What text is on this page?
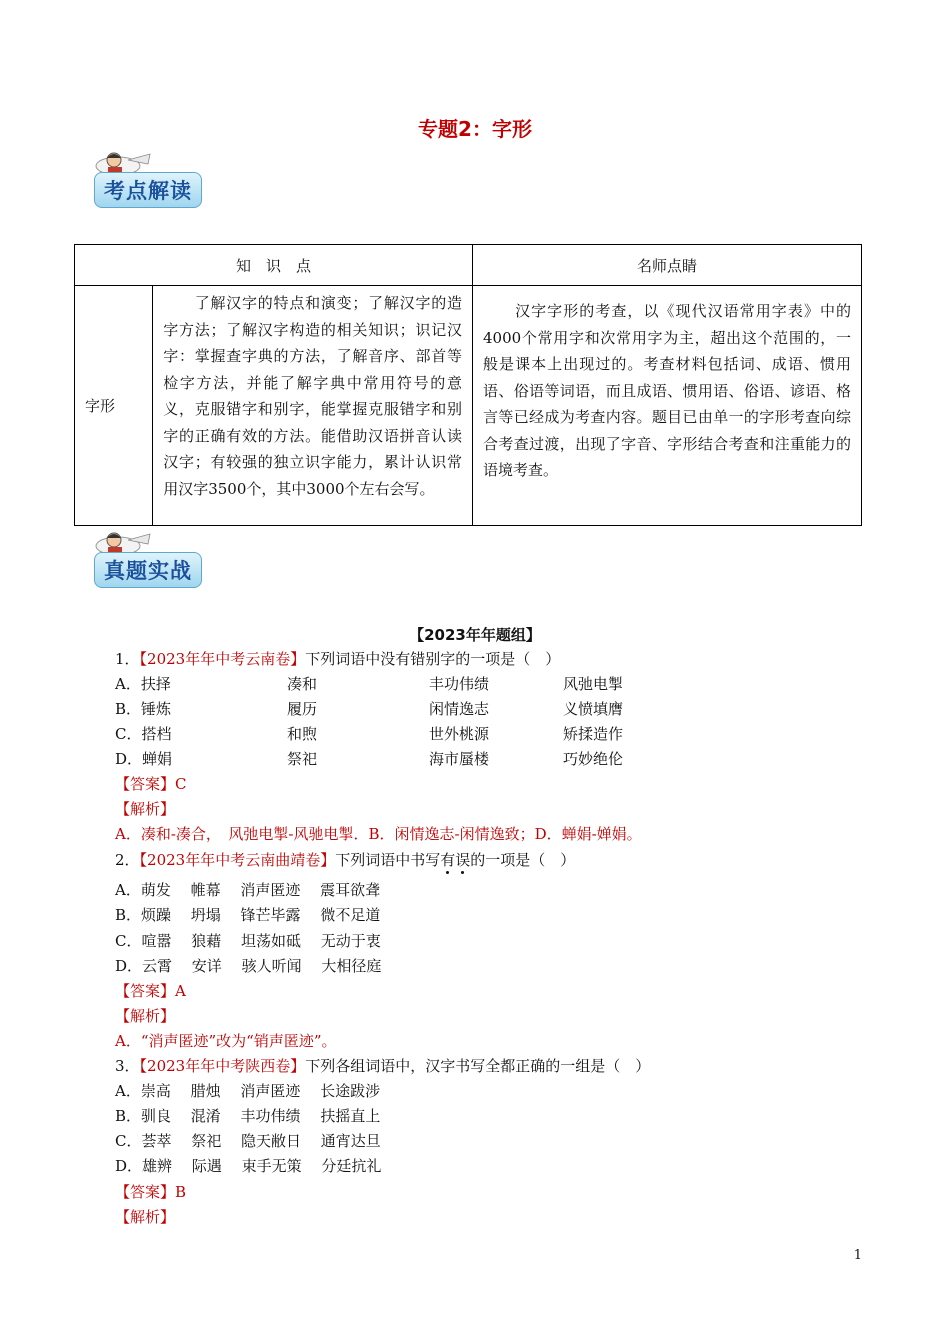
专题2：字形
考点解读
知　识　点		名师点睛
字形	　　了解汉字的特点和演变；了解汉字的造字方法；了解汉字构造的相关知识；识记汉字：掌握查字典的方法，了解音序、部首等检字方法，并能了解字典中常用符号的意义，克服错字和别字，能掌握克服错字和别字的正确有效的方法。能借助汉语拼音认读汉字；有较强的独立识字能力，累计认识常用汉字3500个，其中3000个左右会写。	　　汉字字形的考查，以《现代汉语常用字表》中的4000个常用字和次常用字为主，超出这个范围的，一般是课本上出现过的。考查材料包括词、成语、惯用语、俗语等词语，而且成语、惯用语、俗语、谚语、格言等已经成为考查内容。题目已由单一的字形考查向综合考查过渡，出现了字音、字形结合考查和注重能力的语境考查。
真题实战
【2023年年题组】
1．【2023年年中考云南卷】下列词语中没有错别字的一项是（　）
A．扶择	凑和	丰功伟绩	风弛电掣
B．锤炼	履历	闲情逸志	义愤填膺
C．搭档	和煦	世外桃源	矫揉造作
D．蝉娟	祭祀	海市蜃楼	巧妙绝伦
【答案】C
【解析】
A．凑和-凑合，　风弛电掣-风驰电掣．B．闲情逸志-闲情逸致；D．蝉娟-婵娟。
2．【2023年年中考云南曲靖卷】下列词语中书写有误的一项是（　）
A．萌发　 帷幕　 消声匿迹　 震耳欲聋
B．烦躁　 坍塌　 锋芒毕露　 微不足道
C．喧嚣　 狼藉　 坦荡如砥　 无动于衷
D．云霄　 安详　 骇人听闻　 大相径庭
【答案】A
【解析】
A．“消声匿迹”改为“销声匿迹”。
3．【2023年年中考陕西卷】下列各组词语中，汉字书写全都正确的一组是（　）
A．崇高　 腊烛　 消声匿迹　 长途跋涉
B．驯良　 混淆　 丰功伟绩　 扶摇直上
C．荟萃　 祭祀　 隐天敝日　 通宵达旦
D．雄辨　 际遇　 束手无策　 分廷抗礼
【答案】B
【解析】
1
